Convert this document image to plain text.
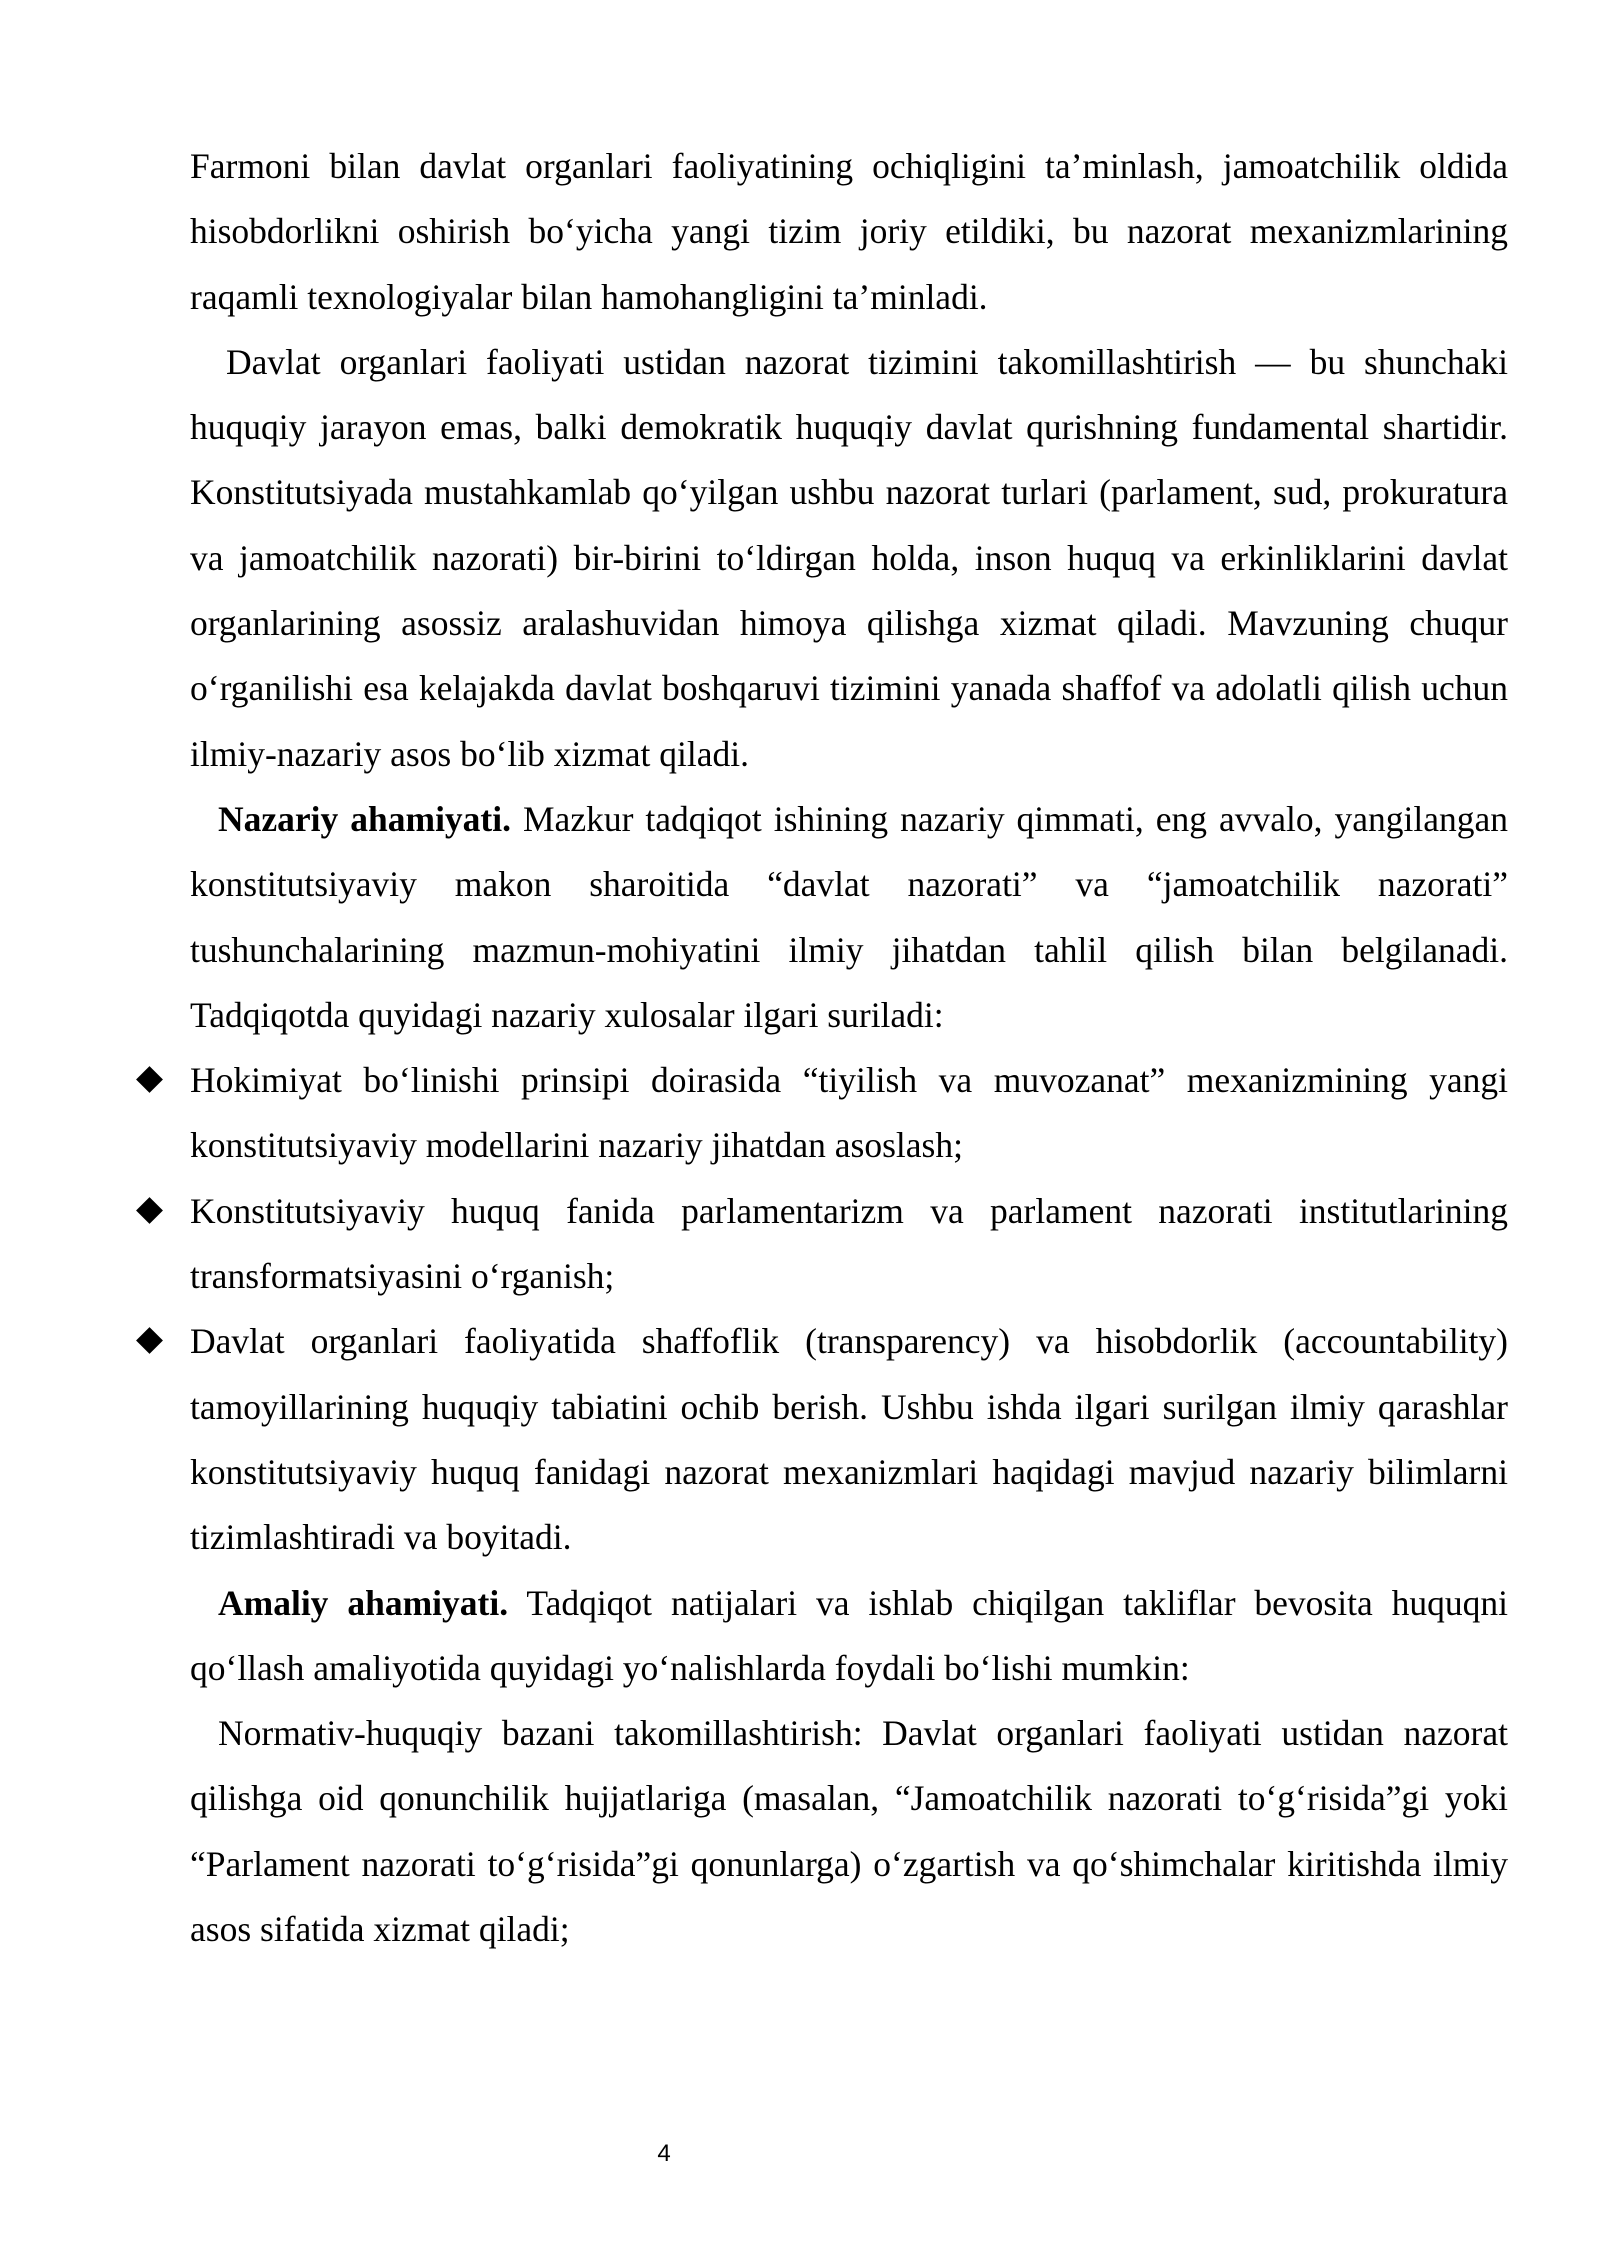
Farmoni bilan davlat organlari faoliyatining ochiqligini ta’minlash, jamoatchilik oldida hisobdorlikni oshirish bo‘yicha yangi tizim joriy etildiki, bu nazorat mexanizmlarining raqamli texnologiyalar bilan hamohangligini ta’minladi.

Davlat organlari faoliyati ustidan nazorat tizimini takomillashtirish — bu shunchaki huquqiy jarayon emas, balki demokratik huquqiy davlat qurishning fundamental shartidir. Konstitutsiyada mustahkamlab qo‘yilgan ushbu nazorat turlari (parlament, sud, prokuratura va jamoatchilik nazorati) bir-birini to‘ldirgan holda, inson huquq va erkinliklarini davlat organlarining asossiz aralashuvidan himoya qilishga xizmat qiladi. Mavzuning chuqur o‘rganilishi esa kelajakda davlat boshqaruvi tizimini yanada shaffof va adolatli qilish uchun ilmiy-nazariy asos bo‘lib xizmat qiladi.

Nazariy ahamiyati. Mazkur tadqiqot ishining nazariy qimmati, eng avvalo, yangilangan konstitutsiyaviy makon sharoitida “davlat nazorati” va “jamoatchilik nazorati” tushunchalarining mazmun-mohiyatini ilmiy jihatdan tahlil qilish bilan belgilanadi. Tadqiqotda quyidagi nazariy xulosalar ilgari suriladi:

Hokimiyat bo‘linishi prinsipi doirasida “tiyilish va muvozanat” mexanizmining yangi konstitutsiyaviy modellarini nazariy jihatdan asoslash;
Konstitutsiyaviy huquq fanida parlamentarizm va parlament nazorati institutlarining transformatsiyasini o‘rganish;
Davlat organlari faoliyatida shaffoflik (transparency) va hisobdorlik (accountability) tamoyillarining huquqiy tabiatini ochib berish. Ushbu ishda ilgari surilgan ilmiy qarashlar konstitutsiyaviy huquq fanidagi nazorat mexanizmlari haqidagi mavjud nazariy bilimlarni tizimlashtiradi va boyitadi.

Amaliy ahamiyati. Tadqiqot natijalari va ishlab chiqilgan takliflar bevosita huquqni qo‘llash amaliyotida quyidagi yo‘nalishlarda foydali bo‘lishi mumkin:

Normativ-huquqiy bazani takomillashtirish: Davlat organlari faoliyati ustidan nazorat qilishga oid qonunchilik hujjatlariga (masalan, “Jamoatchilik nazorati to‘g‘risida”gi yoki “Parlament nazorati to‘g‘risida”gi qonunlarga) o‘zgartish va qo‘shimchalar kiritishda ilmiy asos sifatida xizmat qiladi;

4
